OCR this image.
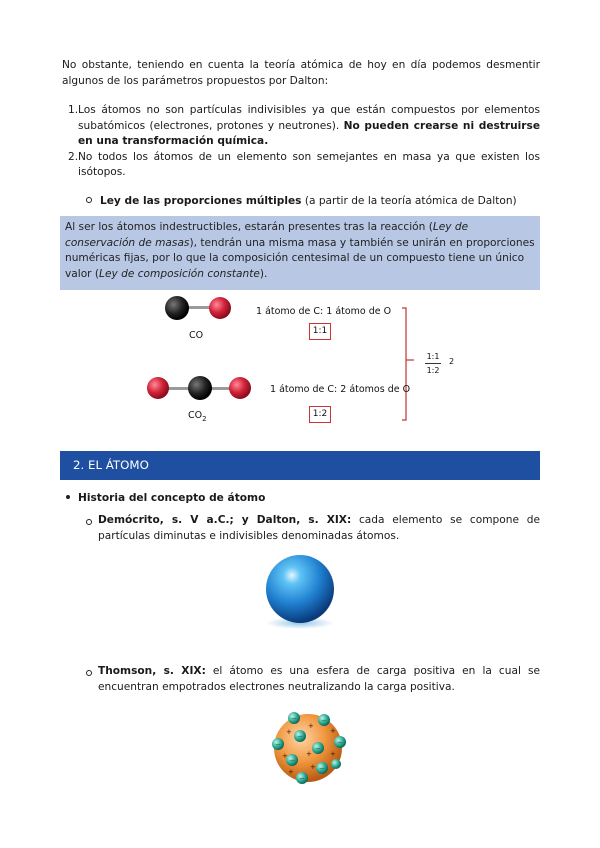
No obstante, teniendo en cuenta la teoría atómica de hoy en día podemos desmentir algunos de los parámetros propuestos por Dalton:

1. Los átomos no son partículas indivisibles ya que están compuestos por elementos subatómicos (electrones, protones y neutrones). No pueden crearse ni destruirse en una transformación química.
2. No todos los átomos de un elemento son semejantes en masa ya que existen los isótopos.
Ley de las proporciones múltiples (a partir de la teoría atómica de Dalton)
Al ser los átomos indestructibles, estarán presentes tras la reacción (Ley de conservación de masas), tendrán una misma masa y también se unirán en proporciones numéricas fijas, por lo que la composición centesimal de un compuesto tiene un único valor (Ley de composición constante).
CO
$CO_2$
1 átomo de C: 1 átomo de O
1:1
1 átomo de C: 2 átomos de O
1:2
1:1
1:2
2
2. EL ÁTOMO
Historia del concepto de átomo
Demócrito, s. V a.C.; y Dalton, s. XIX: cada elemento se compone de partículas diminutas e indivisibles denominadas átomos.
Thomson, s. XIX: el átomo es una esfera de carga positiva en la cual se encuentran empotrados electrones neutralizando la carga positiva.
−	−
−
−
−
−
−
−
−
+
+	+
+
+	+
+
+
